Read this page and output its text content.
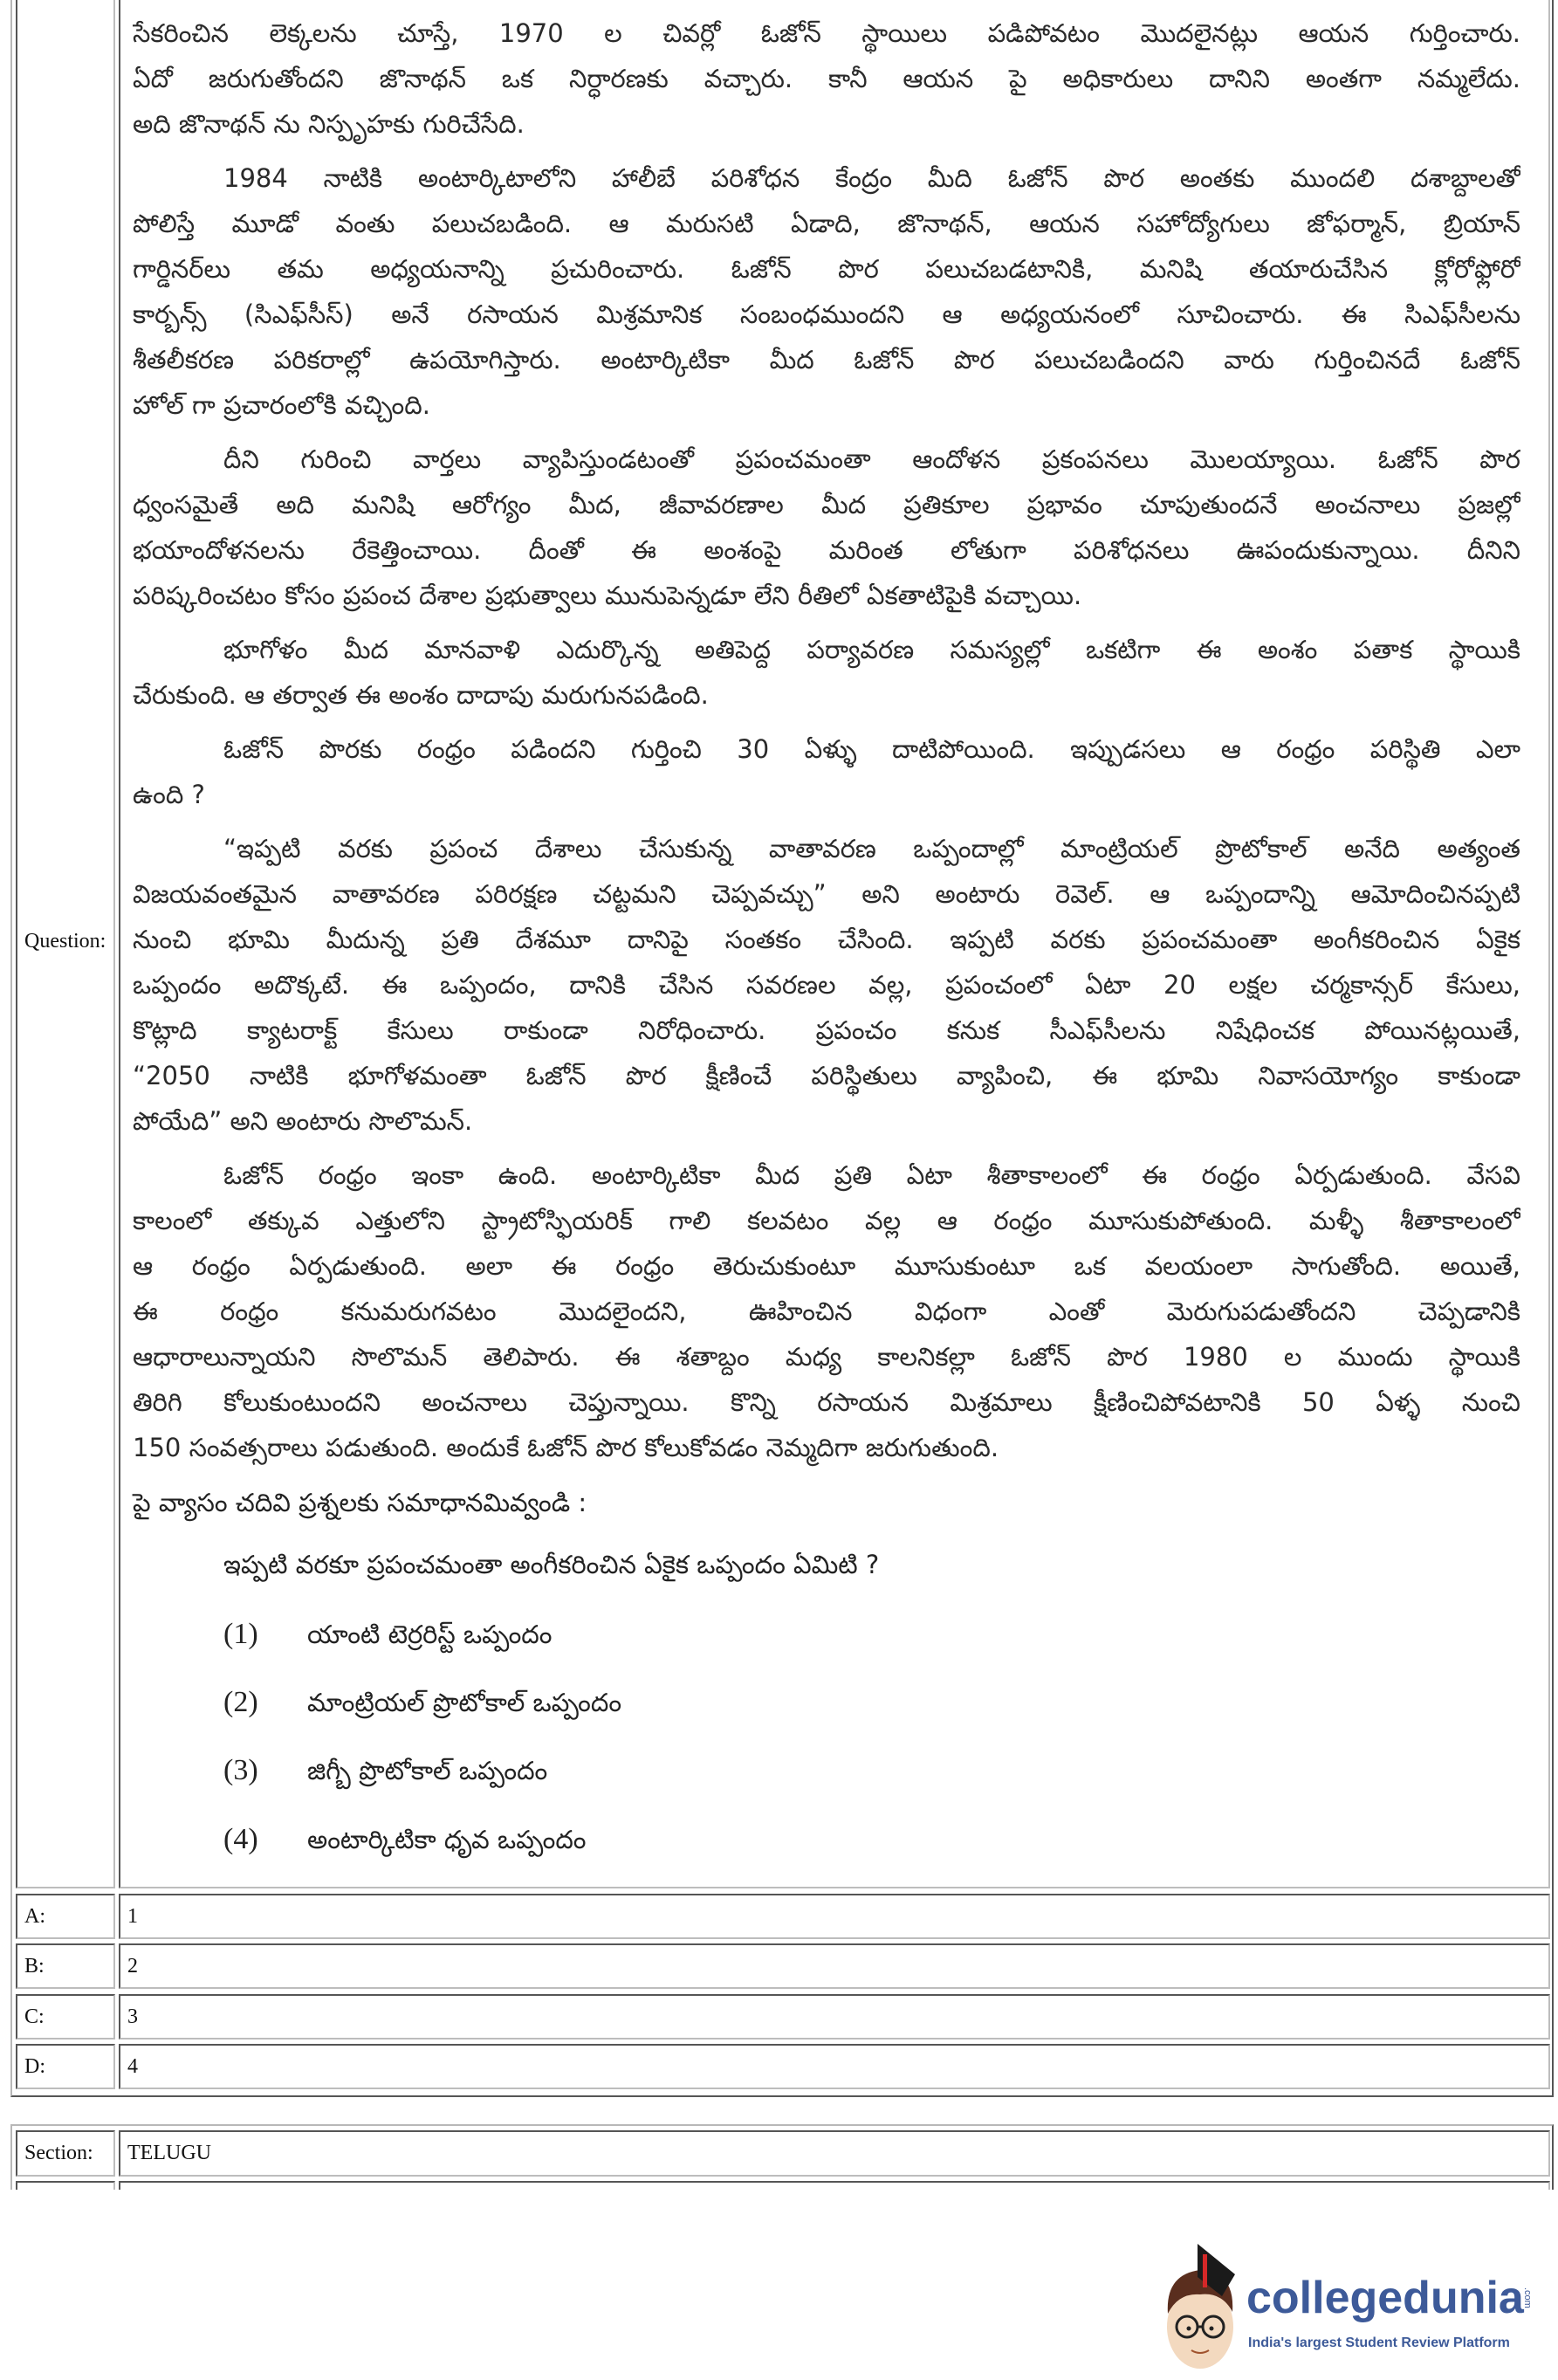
Question:
సేకరించిన లెక్కలను చూస్తే, 1970 ల చివర్లో ఓజోన్ స్థాయిలు పడిపోవటం మొదలైనట్లు ఆయన గుర్తించారు.
ఏదో జరుగుతోందని జొనాథన్ ఒక నిర్ధారణకు వచ్చారు. కానీ ఆయన పై అధికారులు దానిని అంతగా నమ్మలేదు.
అది జొనాథన్ ను నిస్పృహకు గురిచేసేది.
1984 నాటికి అంటార్కిటాలోని హాలీబే పరిశోధన కేంద్రం మీది ఓజోన్ పొర అంతకు ముందలి దశాబ్దాలతో
పోలిస్తే మూడో వంతు పలుచబడింది. ఆ మరుసటి ఏడాది, జొనాథన్, ఆయన సహోద్యోగులు జోఫర్మాన్, బ్రియాన్
గార్డినర్‌లు తమ అధ్యయనాన్ని ప్రచురించారు. ఓజోన్ పొర పలుచబడటానికి, మనిషి తయారుచేసిన క్లోరోఫ్లోరో
కార్బన్స్ (సిఎఫ్‌సీస్) అనే రసాయన మిశ్రమానిక సంబంధముందని ఆ అధ్యయనంలో సూచించారు. ఈ సిఎఫ్‌సీలను
శీతలీకరణ పరికరాల్లో ఉపయోగిస్తారు. అంటార్కిటికా మీద ఓజోన్ పొర పలుచబడిందని వారు గుర్తించినదే ఓజోన్
హోల్ గా ప్రచారంలోకి వచ్చింది.
దీని గురించి వార్తలు వ్యాపిస్తుండటంతో ప్రపంచమంతా ఆందోళన ప్రకంపనలు మొలయ్యాయి. ఓజోన్ పొర
ధ్వంసమైతే అది మనిషి ఆరోగ్యం మీద, జీవావరణాల మీద ప్రతికూల ప్రభావం చూపుతుందనే అంచనాలు ప్రజల్లో
భయాందోళనలను రేకెత్తించాయి. దీంతో ఈ అంశంపై మరింత లోతుగా పరిశోధనలు ఊపందుకున్నాయి. దీనిని
పరిష్కరించటం కోసం ప్రపంచ దేశాల ప్రభుత్వాలు మునుపెన్నడూ లేని రీతిలో ఏకతాటిపైకి వచ్చాయి.
భూగోళం మీద మానవాళి ఎదుర్కొన్న అతిపెద్ద పర్యావరణ సమస్యల్లో ఒకటిగా ఈ అంశం పతాక స్థాయికి
చేరుకుంది. ఆ తర్వాత ఈ అంశం దాదాపు మరుగునపడింది.
ఓజోన్ పొరకు రంధ్రం పడిందని గుర్తించి 30 ఏళ్ళు దాటిపోయింది. ఇప్పుడసలు ఆ రంధ్రం పరిస్థితి ఎలా
ఉంది ?
“ఇప్పటి వరకు ప్రపంచ దేశాలు చేసుకున్న వాతావరణ ఒప్పందాల్లో మాంట్రియల్ ప్రొటోకాల్ అనేది అత్యంత
విజయవంతమైన వాతావరణ పరిరక్షణ చట్టమని చెప్పవచ్చు” అని అంటారు రెవెల్. ఆ ఒప్పందాన్ని ఆమోదించినప్పటి
నుంచి భూమి మీదున్న ప్రతి దేశమూ దానిపై సంతకం చేసింది. ఇప్పటి వరకు ప్రపంచమంతా అంగీకరించిన ఏకైక
ఒప్పందం అదొక్కటే. ఈ ఒప్పందం, దానికి చేసిన సవరణల వల్ల, ప్రపంచంలో ఏటా 20 లక్షల చర్మకాన్సర్ కేసులు,
కొట్లాది క్యాటరాక్ట్ కేసులు రాకుండా నిరోధించారు. ప్రపంచం కనుక సీఎఫ్‌సీలను నిషేధించక పోయినట్లయితే,
“2050 నాటికి భూగోళమంతా ఓజోన్ పొర క్షీణించే పరిస్థితులు వ్యాపించి, ఈ భూమి నివాసయోగ్యం కాకుండా
పోయేది” అని అంటారు సొలొమన్.
ఓజోన్ రంధ్రం ఇంకా ఉంది. అంటార్కిటికా మీద ప్రతి ఏటా శీతాకాలంలో ఈ రంధ్రం ఏర్పడుతుంది. వేసవి
కాలంలో తక్కువ ఎత్తులోని స్ట్రాటోస్ఫియరిక్ గాలి కలవటం వల్ల ఆ రంధ్రం మూసుకుపోతుంది. మళ్ళీ శీతాకాలంలో
ఆ రంధ్రం ఏర్పడుతుంది. అలా ఈ రంధ్రం తెరుచుకుంటూ మూసుకుంటూ ఒక వలయంలా సాగుతోంది. అయితే,
ఈ రంధ్రం కనుమరుగవటం మొదలైందని, ఊహించిన విధంగా ఎంతో మెరుగుపడుతోందని చెప్పడానికి
ఆధారాలున్నాయని సొలొమన్ తెలిపారు. ఈ శతాబ్దం మధ్య కాలనికల్లా ఓజోన్ పొర 1980 ల ముందు స్థాయికి
తిరిగి కోలుకుంటుందని అంచనాలు చెప్తున్నాయి. కొన్ని రసాయన మిశ్రమాలు క్షీణించిపోవటానికి 50 ఏళ్ళ నుంచి
150 సంవత్సరాలు పడుతుంది. అందుకే ఓజోన్ పొర కోలుకోవడం నెమ్మదిగా జరుగుతుంది.
పై వ్యాసం చదివి ప్రశ్నలకు సమాధానమివ్వండి :
ఇప్పటి వరకూ ప్రపంచమంతా అంగీకరించిన ఏకైక ఒప్పందం ఏమిటి ?
(1) యాంటి టెర్రరిస్ట్ ఒప్పందం
(2) మాంట్రియల్ ప్రొటోకాల్ ఒప్పందం
(3) జిగ్బీ ప్రొటోకాల్ ఒప్పందం
(4) అంటార్కిటికా ధృవ ఒప్పందం
A:	1
B:	2
C:	3
D:	4
Section: TELUGU
collegedunia
.com
India's largest Student Review Platform
